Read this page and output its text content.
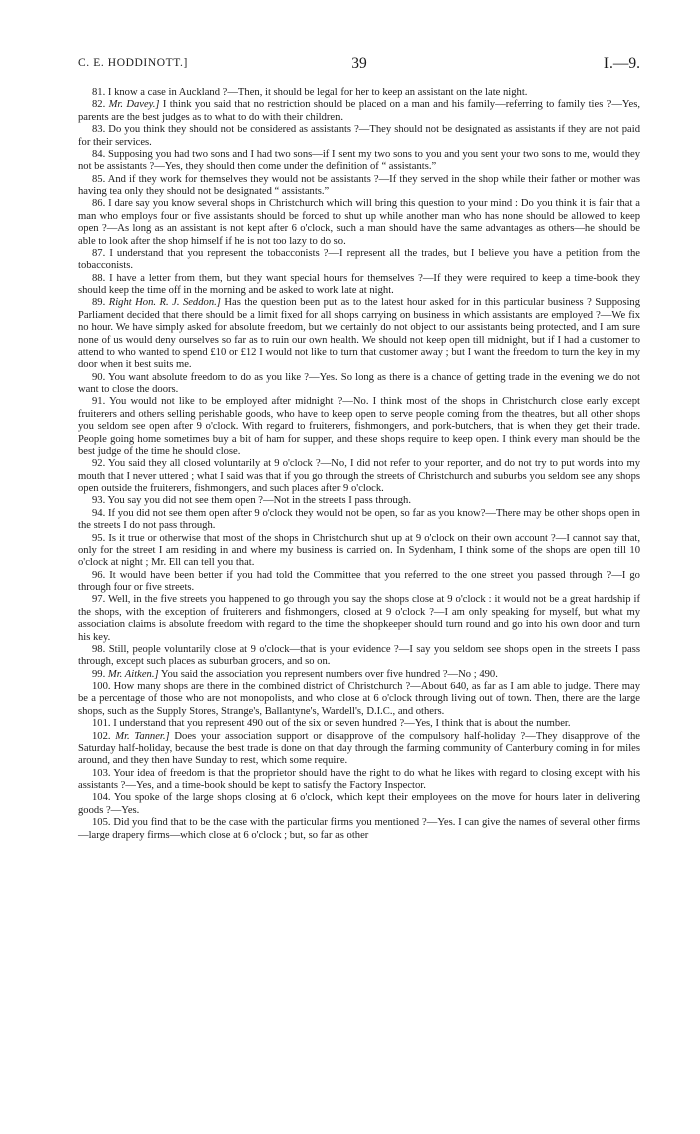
C. E. HODDINOTT.]	39	I.—9.

81. I know a case in Auckland ?—Then, it should be legal for her to keep an assistant on the late night.

82. Mr. Davey.] I think you said that no restriction should be placed on a man and his family—referring to family ties ?—Yes, parents are the best judges as to what to do with their children.

83. Do you think they should not be considered as assistants ?—They should not be designated as assistants if they are not paid for their services.

84. Supposing you had two sons and I had two sons—if I sent my two sons to you and you sent your two sons to me, would they not be assistants ?—Yes, they should then come under the definition of “ assistants.”

85. And if they work for themselves they would not be assistants ?—If they served in the shop while their father or mother was having tea only they should not be designated “ assistants.”

86. I dare say you know several shops in Christchurch which will bring this question to your mind : Do you think it is fair that a man who employs four or five assistants should be forced to shut up while another man who has none should be allowed to keep open ?—As long as an assistant is not kept after 6 o'clock, such a man should have the same advantages as others—he should be able to look after the shop himself if he is not too lazy to do so.

87. I understand that you represent the tobacconists ?—I represent all the trades, but I believe you have a petition from the tobacconists.

88. I have a letter from them, but they want special hours for themselves ?—If they were required to keep a time-book they should keep the time off in the morning and be asked to work late at night.

89. Right Hon. R. J. Seddon.] Has the question been put as to the latest hour asked for in this particular business ? Supposing Parliament decided that there should be a limit fixed for all shops carrying on business in which assistants are employed ?—We fix no hour. We have simply asked for absolute freedom, but we certainly do not object to our assistants being protected, and I am sure none of us would deny ourselves so far as to ruin our own health. We should not keep open till midnight, but if I had a customer to attend to who wanted to spend £10 or £12 I would not like to turn that customer away ; but I want the freedom to turn the key in my door when it best suits me.

90. You want absolute freedom to do as you like ?—Yes. So long as there is a chance of getting trade in the evening we do not want to close the doors.

91. You would not like to be employed after midnight ?—No. I think most of the shops in Christchurch close early except fruiterers and others selling perishable goods, who have to keep open to serve people coming from the theatres, but all other shops you seldom see open after 9 o'clock. With regard to fruiterers, fishmongers, and pork-butchers, that is when they get their trade. People going home sometimes buy a bit of ham for supper, and these shops require to keep open. I think every man should be the best judge of the time he should close.

92. You said they all closed voluntarily at 9 o'clock ?—No, I did not refer to your reporter, and do not try to put words into my mouth that I never uttered ; what I said was that if you go through the streets of Christchurch and suburbs you seldom see any shops open outside the fruiterers, fishmongers, and such places after 9 o'clock.

93. You say you did not see them open ?—Not in the streets I pass through.

94. If you did not see them open after 9 o'clock they would not be open, so far as you know?—There may be other shops open in the streets I do not pass through.

95. Is it true or otherwise that most of the shops in Christchurch shut up at 9 o'clock on their own account ?—I cannot say that, only for the street I am residing in and where my business is carried on. In Sydenham, I think some of the shops are open till 10 o'clock at night ; Mr. Ell can tell you that.

96. It would have been better if you had told the Committee that you referred to the one street you passed through ?—I go through four or five streets.

97. Well, in the five streets you happened to go through you say the shops close at 9 o'clock : it would not be a great hardship if the shops, with the exception of fruiterers and fishmongers, closed at 9 o'clock ?—I am only speaking for myself, but what my association claims is absolute freedom with regard to the time the shopkeeper should turn round and go into his own door and turn his key.

98. Still, people voluntarily close at 9 o'clock—that is your evidence ?—I say you seldom see shops open in the streets I pass through, except such places as suburban grocers, and so on.

99. Mr. Aitken.] You said the association you represent numbers over five hundred ?—No ; 490.

100. How many shops are there in the combined district of Christchurch ?—About 640, as far as I am able to judge. There may be a percentage of those who are not monopolists, and who close at 6 o'clock through living out of town. Then, there are the large shops, such as the Supply Stores, Strange's, Ballantyne's, Wardell's, D.I.C., and others.

101. I understand that you represent 490 out of the six or seven hundred ?—Yes, I think that is about the number.

102. Mr. Tanner.] Does your association support or disapprove of the compulsory half-holiday ?—They disapprove of the Saturday half-holiday, because the best trade is done on that day through the farming community of Canterbury coming in for miles around, and they then have Sunday to rest, which some require.

103. Your idea of freedom is that the proprietor should have the right to do what he likes with regard to closing except with his assistants ?—Yes, and a time-book should be kept to satisfy the Factory Inspector.

104. You spoke of the large shops closing at 6 o'clock, which kept their employees on the move for hours later in delivering goods ?—Yes.

105. Did you find that to be the case with the particular firms you mentioned ?—Yes. I can give the names of several other firms—large drapery firms—which close at 6 o'clock ; but, so far as other
